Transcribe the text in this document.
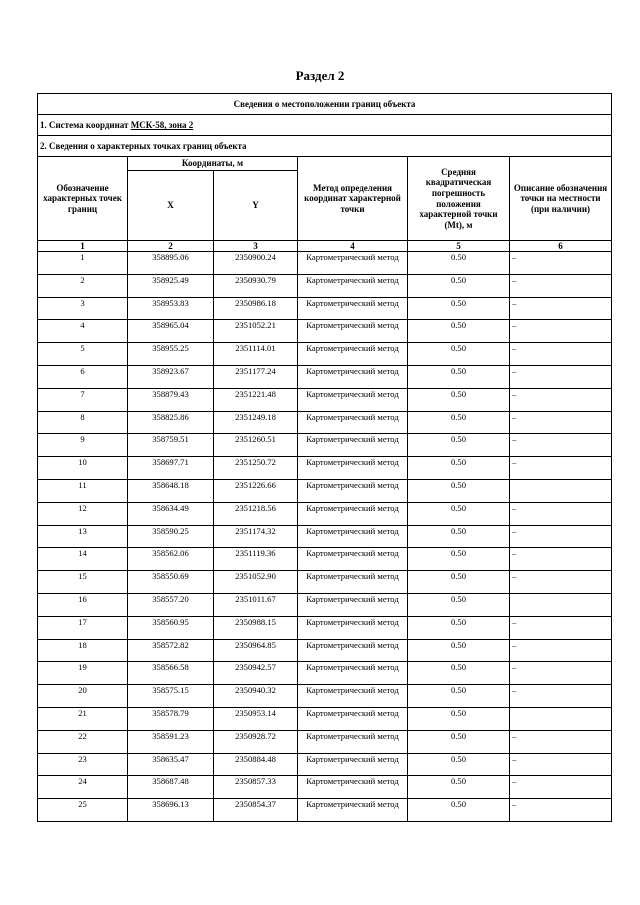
Раздел 2
Сведения о местоположении границ объекта					
1. Система координат МСК-58, зона 2					
2. Сведения о характерных точках границ объекта					
Обозначение характерных точек границ	Координаты, м		Метод определения координат характерной точки	Средняя квадратическая погрешность положения характерной точки (Мt), м	Описание обозначения точки на местности (при наличии)
	X	Y			
1	2	3	4	5	6
1	358895.06	2350900.24	Картометрический метод	0.50	–
2	358925.49	2350930.79	Картометрический метод	0.50	–
3	358953.83	2350986.18	Картометрический метод	0.50	–
4	358965.04	2351052.21	Картометрический метод	0.50	–
5	358955.25	2351114.01	Картометрический метод	0.50	–
6	358923.67	2351177.24	Картометрический метод	0.50	–
7	358879.43	2351221.48	Картометрический метод	0.50	–
8	358825.86	2351249.18	Картометрический метод	0.50	–
9	358759.51	2351260.51	Картометрический метод	0.50	–
10	358697.71	2351250.72	Картометрический метод	0.50	–
11	358648.18	2351226.66	Картометрический метод	0.50	
12	358634.49	2351218.56	Картометрический метод	0.50	–
13	358590.25	2351174.32	Картометрический метод	0.50	–
14	358562.06	2351119.36	Картометрический метод	0.50	–
15	358550.69	2351052.90	Картометрический метод	0.50	–
16	358557.20	2351011.67	Картометрический метод	0.50	
17	358560.95	2350988.15	Картометрический метод	0.50	–
18	358572.82	2350964.85	Картометрический метод	0.50	–
19	358566.58	2350942.57	Картометрический метод	0.50	–
20	358575.15	2350940.32	Картометрический метод	0.50	–
21	358578.79	2350953.14	Картометрический метод	0.50	
22	358591.23	2350928.72	Картометрический метод	0.50	–
23	358635.47	2350884.48	Картометрический метод	0.50	–
24	358687.48	2350857.33	Картометрический метод	0.50	–
25	358696.13	2350854.37	Картометрический метод	0.50	–
